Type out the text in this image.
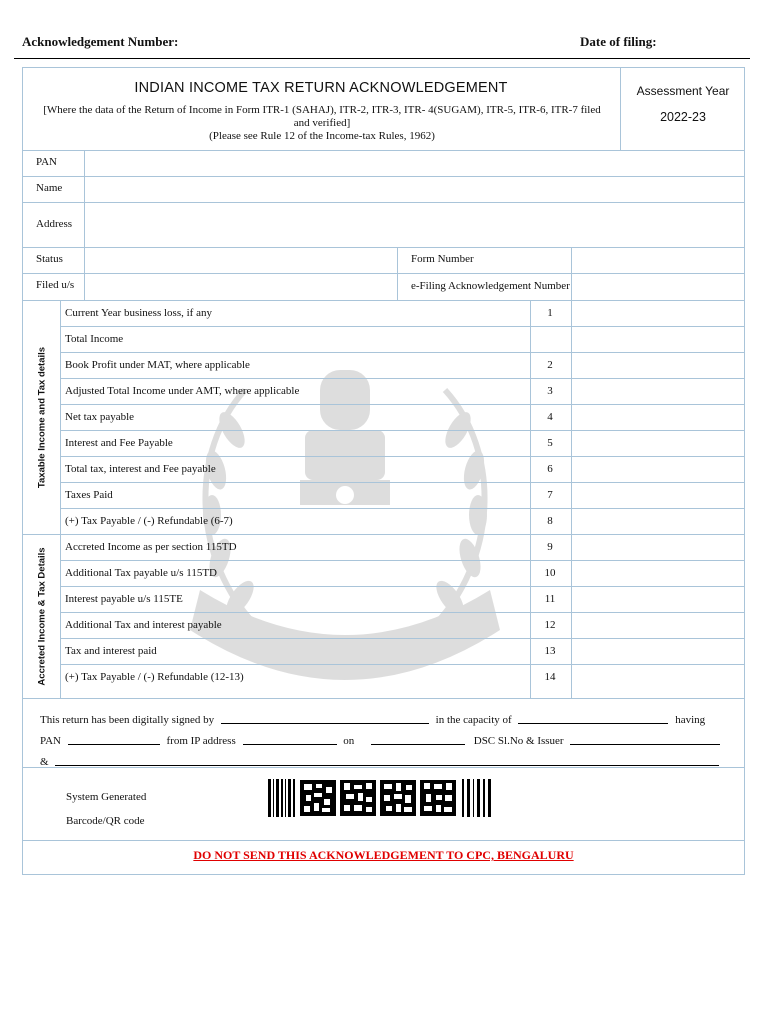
Acknowledgement Number:	Date of filing:
INDIAN INCOME TAX RETURN ACKNOWLEDGEMENT
[Where the data of the Return of Income in Form ITR-1 (SAHAJ), ITR-2, ITR-3, ITR- 4(SUGAM), ITR-5, ITR-6, ITR-7 filed
and verified]
(Please see Rule 12 of the Income-tax Rules, 1962)
Assessment Year
2022-23
PAN
Name
Address
Status	Form Number
Filed u/s	e-Filing Acknowledgement Number
Taxable Income and Tax details
Accreted Income & Tax Details
Current Year business loss, if any	1
Total Income
Book Profit under MAT, where applicable	2
Adjusted Total Income under AMT, where applicable	3
Net tax payable	4
Interest and Fee Payable	5
Total tax, interest and Fee payable	6
Taxes Paid	7
(+) Tax Payable / (-) Refundable (6-7)	8
Accreted Income as per section 115TD	9
Additional Tax payable u/s 115TD	10
Interest payable u/s 115TE	11
Additional Tax and interest payable	12
Tax and interest paid	13
(+) Tax Payable / (-) Refundable (12-13)	14
This return has been digitally signed by	in the capacity of	having
PAN	from IP address	on	DSC Sl.No & Issuer
&
System Generated
Barcode/QR code
DO NOT SEND THIS ACKNOWLEDGEMENT TO CPC, BENGALURU
